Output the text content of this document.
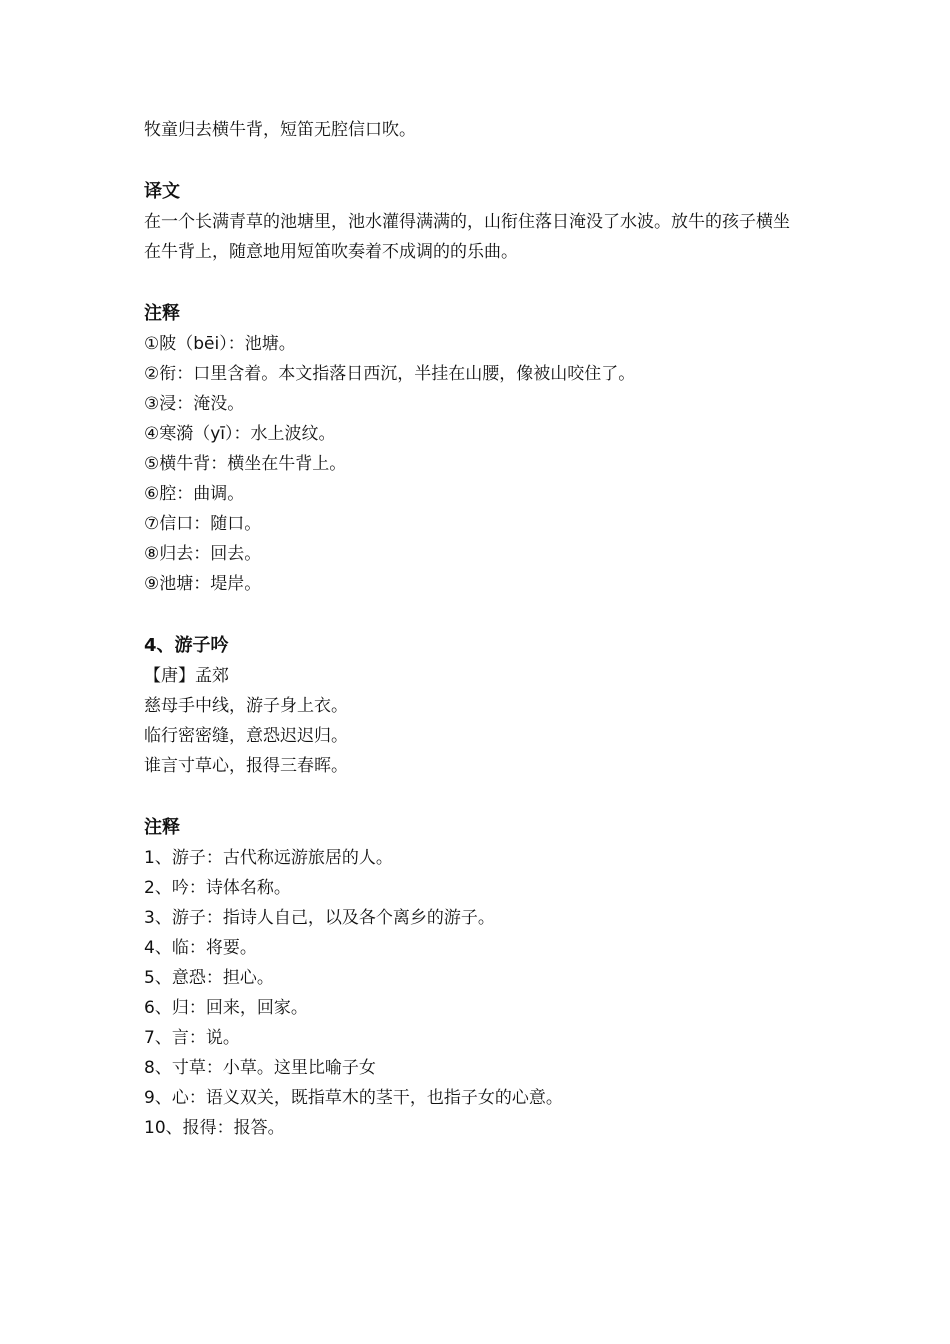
牧童归去横牛背，短笛无腔信口吹。
译文
在一个长满青草的池塘里，池水灌得满满的，山衔住落日淹没了水波。放牛的孩子横坐在牛背上，随意地用短笛吹奏着不成调的的乐曲。
注释
①陂（bēi）：池塘。
②衔：口里含着。本文指落日西沉，半挂在山腰，像被山咬住了。
③浸：淹没。
④寒漪（yī）：水上波纹。
⑤横牛背：横坐在牛背上。
⑥腔：曲调。
⑦信口：随口。
⑧归去：回去。
⑨池塘：堤岸。
4、游子吟
【唐】孟郊
慈母手中线，游子身上衣。
临行密密缝，意恐迟迟归。
谁言寸草心，报得三春晖。
注释
1、游子：古代称远游旅居的人。
2、吟：诗体名称。
3、游子：指诗人自己，以及各个离乡的游子。
4、临：将要。
5、意恐：担心。
6、归：回来，回家。
7、言：说。
8、寸草：小草。这里比喻子女
9、心：语义双关，既指草木的茎干，也指子女的心意。
10、报得：报答。
